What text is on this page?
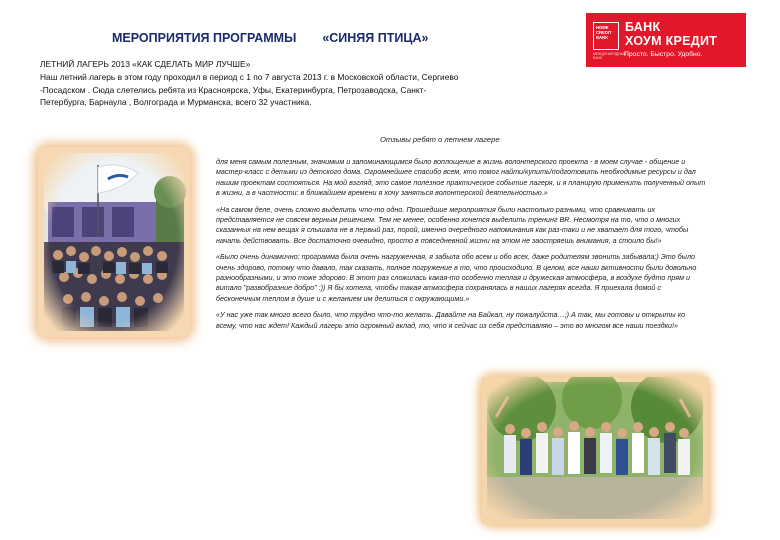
МЕРОПРИЯТИЯ ПРОГРАММЫ «СИНЯЯ ПТИЦА»
HOME CREDIT BANK
МЕЖДУНАРОДНЫЙ БАНК
БАНК
ХОУМ КРЕДИТ
Просто. Быстро. Удобно.

ЛЕТНИЙ ЛАГЕРЬ 2013 «КАК СДЕЛАТЬ МИР ЛУЧШЕ»

Наш летний лагерь в этом году проходил в период с 1 по 7 августа 2013 г. в Московской области, Сергиево -Посадском . Сюда слетелись ребята из Красноярска, Уфы, Екатеринбурга, Петрозаводска, Санкт-Петербурга, Барнаула , Волгограда и Мурманска, всего 32 участника.

Отзывы ребят о летнем лагере

для меня самым полезным, значимым и запоминающимся было воплощение в жизнь волонтерского проекта - в моем случае - общение и мастер-класс с детьми из детского дома. Огромнейшее спасибо всем, кто помог найти/купить/подготовить необходимые ресурсы и дал нашим проектам состояться. На мой взгляд, это самое полезное практическое событие лагеря, и я планирую применить полученный опыт в жизни, а в частности: в ближайшем времени я хочу заняться волонтерской деятельностью.»

«На самом деле, очень сложно выделить что-то одно. Прошедшие мероприятия были настолько разными, что сравнивать их представляется не совсем верным решением. Тем не менее, особенно хочется выделить тренинг BR. Несмотря на то, что о многих сказанных на нем вещах я слышала не в первый раз, порой, именно очередного напоминания как раз-таки и не хватает для того, чтобы начать действовать. Все достаточно очевидно, просто в повседневной жизни на этом не заостряешь внимания, а стоило бы!»

«Было очень динамично: программа была очень нагруженная, я забыла обо всем и обо всех, даже родителям звонить забывала;) Это было очень здорово, потому что давало, так сказать, полное погружение в то, что происходило. В целом, все наши активности были довольно разнообразными, и это тоже здорово. В этот раз сложилась какая-то особенно теплая и дружеская атмосфера, в воздухе будто прям и витало "развобразние добро" :)) Я бы хотела, чтобы такая атмосфера сохранялась в наших лагерях всегда. Я приехала домой с бесконечным теплом в душе и с желанием им делиться с окружающими.»

«У нас уже так много всего было, что трудно что-то желать. Давайте на Байкал, ну пожалуйста…;) А так, мы готовы и открыты ко всему, что нас ждет! Каждый лагерь это огромный вклад, то, что я сейчас из себя представляю – это во многом все наши поездки!»
